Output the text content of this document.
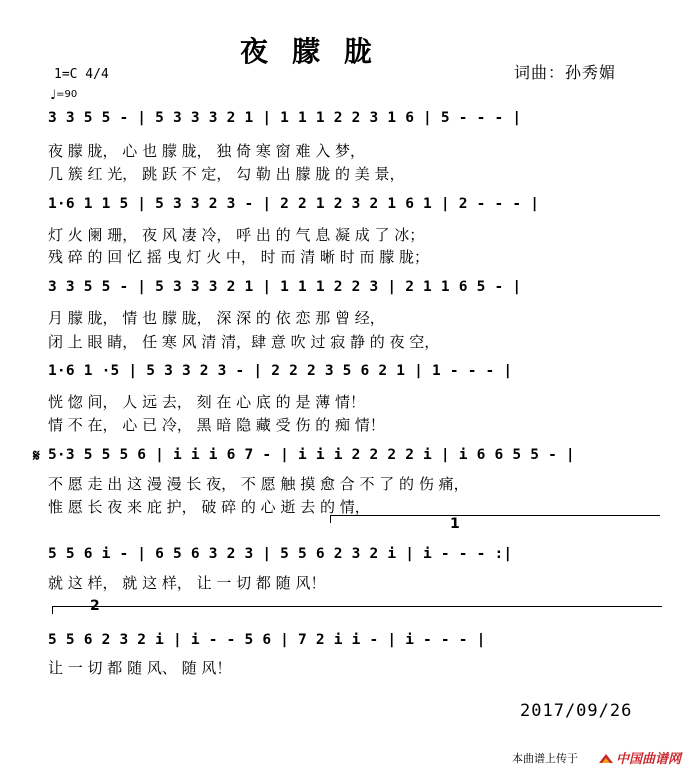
夜朦胧
词曲：孙秀媚
1=C 4/4
♩=90
3 3 5 5 - | 5 3 3 3 2 1 | 1 1 1 2 2 3 1 6 | 5 - - - |
夜 朦 胧， 心 也 朦 胧， 独 倚 寒 窗 难 入 梦，
几 簇 红 光， 跳 跃 不 定， 勾 勒 出 朦 胧 的 美 景，
1·6 1 1 5 | 5 3 3 2 3 - | 2 2 1 2 3 2 1 6 1 | 2 - - - |
灯 火 阑 珊， 夜 风 凄 冷， 呼 出 的 气 息 凝 成 了 冰；
残 碎 的 回 忆 摇 曳 灯 火 中， 时 而 清 晰 时 而 朦 胧；
3 3 5 5 - | 5 3 3 3 2 1 | 1 1 1 2 2 3 | 2 1 1 6 5 - |
月 朦 胧， 情 也 朦 胧， 深 深 的 依 恋 那 曾 经，
闭 上 眼 睛， 任 寒 风 清 清，肆 意 吹 过 寂 静 的 夜 空，
1·6 1 ·5 | 5 3 3 2 3 - | 2 2 2 3 5 6 2 1 | 1 - - - |
恍 惚 间， 人 远 去， 刻 在 心 底 的 是 薄 情！
情 不 在， 心 已 冷， 黑 暗 隐 藏 受 伤 的 痴 情！
𝄋 5·3 5 5 5 6 | i i i 6 7 - | i i i 2 2 2 2 i | i 6 6 5 5 - |
不 愿 走 出 这 漫 漫 长 夜， 不 愿 触 摸 愈 合 不 了 的 伤 痛，
惟 愿 长 夜 来 庇 护， 破 碎 的 心 逝 去 的 情，
1
5 5 6 i - | 6 5 6 3 2 3 | 5 5 6 2 3 2 i | i - - - :|
就 这 样， 就 这 样， 让 一 切 都 随 风！
2
5 5 6 2 3 2 i | i - - 5 6 | 7 2 i i - | i - - - |
让 一 切 都 随 风、 随 风！
2017/09/26
本曲谱上传于	中国曲谱网
